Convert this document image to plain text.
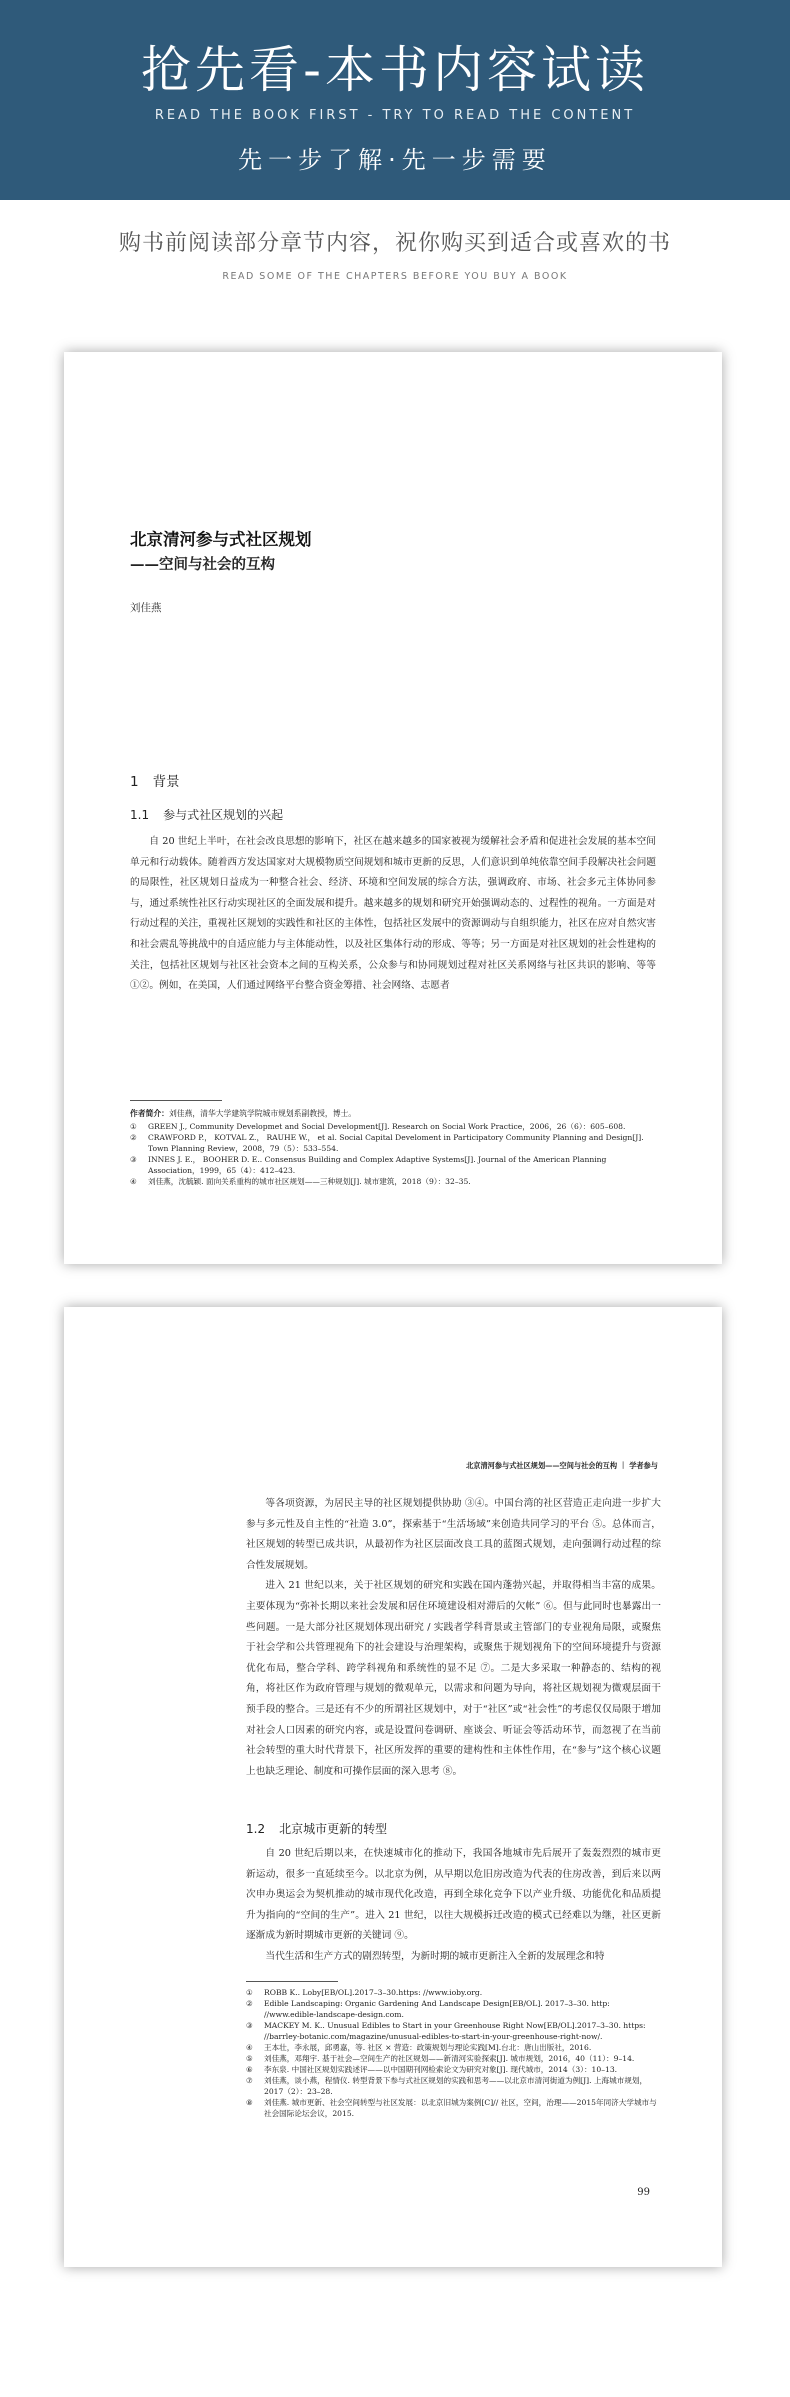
抢先看-本书内容试读
READ THE BOOK FIRST - TRY TO READ THE CONTENT
先一步了解·先一步需要
购书前阅读部分章节内容，祝你购买到适合或喜欢的书
READ SOME OF THE CHAPTERS BEFORE YOU BUY A BOOK
北京清河参与式社区规划
——空间与社会的互构
刘佳燕
1 背景
1.1 参与式社区规划的兴起
自 20 世纪上半叶，在社会改良思想的影响下，社区在越来越多的国家被视为缓解社会矛盾和促进社会发展的基本空间单元和行动载体。随着西方发达国家对大规模物质空间规划和城市更新的反思，人们意识到单纯依靠空间手段解决社会问题的局限性，社区规划日益成为一种整合社会、经济、环境和空间发展的综合方法，强调政府、市场、社会多元主体协同参与，通过系统性社区行动实现社区的全面发展和提升。越来越多的规划和研究开始强调动态的、过程性的视角。一方面是对行动过程的关注，重视社区规划的实践性和社区的主体性，包括社区发展中的资源调动与自组织能力，社区在应对自然灾害和社会震乱等挑战中的自适应能力与主体能动性，以及社区集体行动的形成、等等；另一方面是对社区规划的社会性建构的关注，包括社区规划与社区社会资本之间的互构关系，公众参与和协同规划过程对社区关系网络与社区共识的影响、等等 ①②。例如，在美国，人们通过网络平台整合资金筹措、社会网络、志愿者
作者简介：刘佳燕，清华大学建筑学院城市规划系副教授，博士。
①	GREEN J., Community Developmet and Social Development[J]. Research on Social Work Practice，2006，26（6）：605–608.
②	CRAWFORD P.， KOTVAL Z.， RAUHE W.， et al. Social Capital Develoment in Participatory Community Planning and Design[J]. Town Planning Review，2008，79（5）：533–554.
③	INNES J. E.， BOOHER D. E.. Consensus Building and Complex Adaptive Systems[J]. Journal of the American Planning Association，1999，65（4）：412–423.
④	刘佳燕，沈毓颖. 面向关系重构的城市社区规划——三种规划[J]. 城市建筑，2018（9）：32–35.
北京清河参与式社区规划——空间与社会的互构 ｜ 学者参与

等各项资源，为居民主导的社区规划提供协助 ③④。中国台湾的社区营造正走向进一步扩大参与多元性及自主性的“社造 3.0”，探索基于“生活场域”来创造共同学习的平台 ⑤。总体而言，社区规划的转型已成共识，从最初作为社区层面改良工具的蓝图式规划，走向强调行动过程的综合性发展规划。

进入 21 世纪以来，关于社区规划的研究和实践在国内蓬勃兴起，并取得相当丰富的成果。主要体现为“弥补长期以来社会发展和居住环境建设相对滞后的欠帐” ⑥。但与此同时也暴露出一些问题。一是大部分社区规划体现出研究 / 实践者学科背景或主管部门的专业视角局限，或聚焦于社会学和公共管理视角下的社会建设与治理架构，或聚焦于规划视角下的空间环境提升与资源优化布局，整合学科、跨学科视角和系统性的显不足 ⑦。二是大多采取一种静态的、结构的视角，将社区作为政府管理与规划的微观单元，以需求和问题为导向，将社区规划视为微观层面干预手段的整合。三是还有不少的所谓社区规划中，对于“社区”或“社会性”的考虑仅仅局限于增加对社会人口因素的研究内容，或是设置问卷调研、座谈会、听证会等活动环节，而忽视了在当前社会转型的重大时代背景下，社区所发挥的重要的建构性和主体性作用，在“参与”这个核心议题上也缺乏理论、制度和可操作层面的深入思考 ⑧。

1.2 北京城市更新的转型

自 20 世纪后期以来，在快速城市化的推动下，我国各地城市先后展开了轰轰烈烈的城市更新运动，很多一直延续至今。以北京为例，从早期以危旧房改造为代表的住房改善，到后来以两次申办奥运会为契机推动的城市现代化改造，再到全球化竞争下以产业升级、功能优化和品质提升为指向的“空间的生产”。进入 21 世纪，以往大规模拆迁改造的模式已经难以为继，社区更新逐渐成为新时期城市更新的关键词 ⑨。

当代生活和生产方式的剧烈转型，为新时期的城市更新注入全新的发展理念和特

①	ROBB K.. Loby[EB/OL].2017–3–30.https: //www.ioby.org.
②	Edible Landscaping: Organic Gardening And Landscape Design[EB/OL]. 2017–3–30. http: //www.edible-landscape-design.com.
③	MACKEY M. K.. Unusual Edibles to Start in your Greenhouse Right Now[EB/OL].2017–3–30. https: //barrley-botanic.com/magazine/unusual-edibles-to-start-in-your-greenhouse-right-now/.
④	王本壮，李永展，邱勇嘉，等. 社区 × 营造：政策规划与理论实践[M].台北：唐山出版社，2016.
⑤	刘佳燕，邓翔宇. 基于社会—空间生产的社区规划——新清河实验探索[J]. 城市规划，2016，40（11）：9–14.
⑥	李东泉. 中国社区规划实践述评——以中国期刊网检索论文为研究对象[J]. 现代城市，2014（3）：10–13.
⑦	刘佳燕，谈小燕，程情仪. 转型背景下参与式社区规划的实践和思考——以北京市清河街道为例[J]. 上海城市规划，2017（2）：23–28.
⑧	刘佳燕. 城市更新、社会空间转型与社区发展：以北京旧城为案例[C]// 社区，空间，治理——2015年同济大学城市与社会国际论坛会议，2015.
99
